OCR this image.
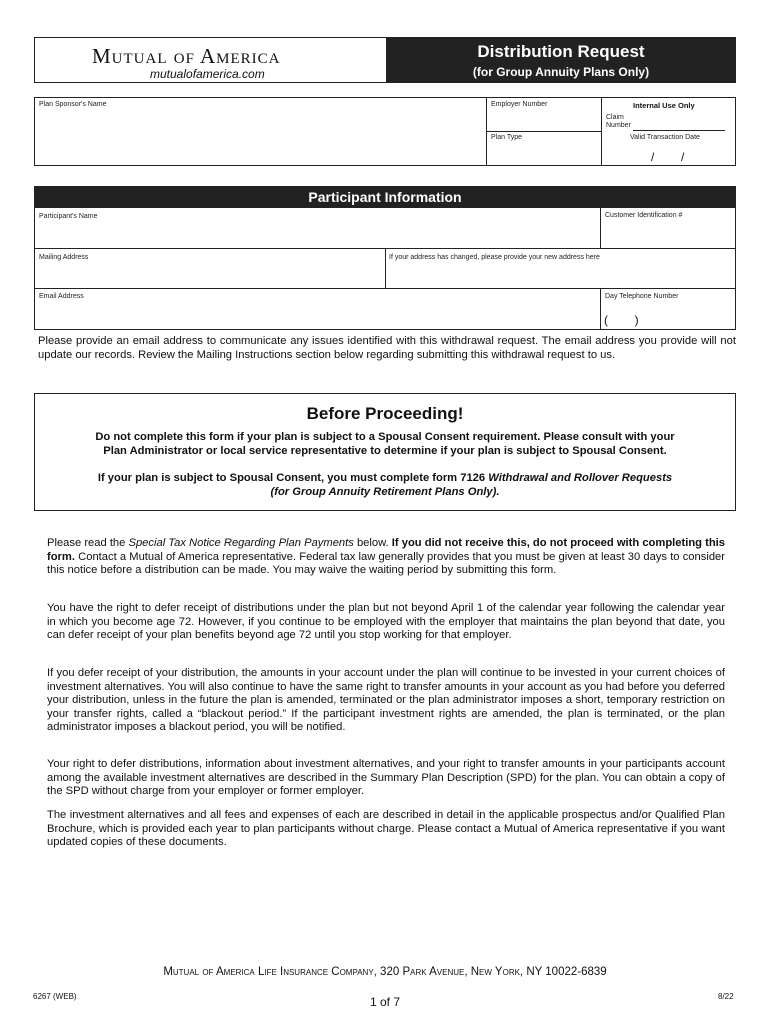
Mutual of America
mutualofamerica.com
Distribution Request
(for Group Annuity Plans Only)
Plan Sponsor's Name	Employer Number
Plan Type
Internal Use Only
Claim
Number
Valid Transaction Date
/        /
Participant Information
Participant's Name	Customer Identification #
Mailing Address	If your address has changed, please provide your new address here
Email Address	Day Telephone Number
(        )
Please provide an email address to communicate any issues identified with this withdrawal request. The email address you provide will not update our records. Review the Mailing Instructions section below regarding submitting this withdrawal request to us.
Before Proceeding!
Do not complete this form if your plan is subject to a Spousal Consent requirement. Please consult with your
Plan Administrator or local service representative to determine if your plan is subject to Spousal Consent.
If your plan is subject to Spousal Consent, you must complete form 7126 Withdrawal and Rollover Requests
(for Group Annuity Retirement Plans Only).
Please read the Special Tax Notice Regarding Plan Payments below. If you did not receive this, do not proceed with completing this form. Contact a Mutual of America representative. Federal tax law generally provides that you must be given at least 30 days to consider this notice before a distribution can be made. You may waive the waiting period by submitting this form.
You have the right to defer receipt of distributions under the plan but not beyond April 1 of the calendar year following the calendar year in which you become age 72. However, if you continue to be employed with the employer that maintains the plan beyond that date, you can defer receipt of your plan benefits beyond age 72 until you stop working for that employer.
If you defer receipt of your distribution, the amounts in your account under the plan will continue to be invested in your current choices of investment alternatives. You will also continue to have the same right to transfer amounts in your account as you had before you deferred your distribution, unless in the future the plan is amended, terminated or the plan administrator imposes a short, temporary restriction on your transfer rights, called a “blackout period.” If the participant investment rights are amended, the plan is terminated, or the plan administrator imposes a blackout period, you will be notified.
Your right to defer distributions, information about investment alternatives, and your right to transfer amounts in your participants account among the available investment alternatives are described in the Summary Plan Description (SPD) for the plan. You can obtain a copy of the SPD without charge from your employer or former employer.
The investment alternatives and all fees and expenses of each are described in detail in the applicable prospectus and/or Qualified Plan Brochure, which is provided each year to plan participants without charge. Please contact a Mutual of America representative if you want updated copies of these documents.
Mutual of America Life Insurance Company, 320 Park Avenue, New York, NY 10022-6839
6267 (WEB)	1 of 7	8/22
